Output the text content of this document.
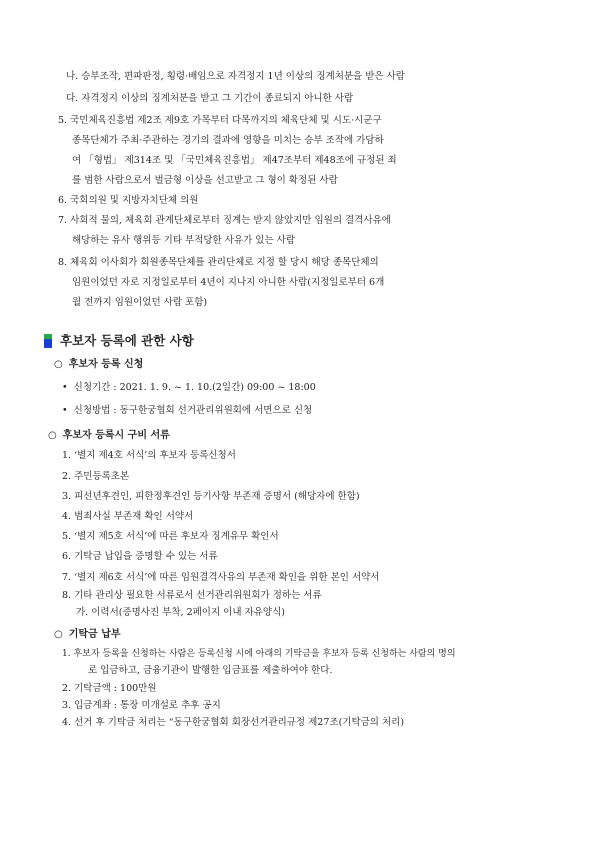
나. 승부조작, 편파판정, 횡령·배임으로 자격정지 1년 이상의 징계처분을 받은 사람
다. 자격정지 이상의 징계처분을 받고 그 기간이 종료되지 아니한 사람
5. 국민체육진흥법 제2조 제9호 가목부터 다목까지의 체육단체 및 시도·시군구
종목단체가 주최·주관하는 경기의 결과에 영향을 미치는 승부 조작에 가담하
여 「형법」 제314조 및 「국민체육진흥법」 제47조부터 제48조에 규정된 죄
를 범한 사람으로서 벌금형 이상을 선고받고 그 형이 확정된 사람
6. 국회의원 및 지방자치단체 의원
7. 사회적 물의, 체육회 관계단체로부터 징계는 받지 않았지만 임원의 결격사유에
해당하는 유사 행위등 기타 부적당한 사유가 있는 사람
8. 체육회 이사회가 회원종목단체를 관리단체로 지정 할 당시 해당 종목단체의
임원이었던 자로 지정일로부터 4년이 지나지 아니한 사람(지정일로부터 6개
월 전까지 임원이었던 사람 포함)
후보자 등록에 관한 사항
○ 후보자 등록 신청
• 신청기간 : 2021. 1. 9. ~ 1. 10.(2일간) 09:00 ~ 18:00
• 신청방법 : 동구한궁협회 선거관리위원회에 서면으로 신청
○ 후보자 등록시 구비 서류
1. ‘별지 제4호 서식’의 후보자 등록신청서
2. 주민등록초본
3. 피선년후견인, 피한정후견인 등기사항 부존재 증명서 (해당자에 한함)
4. 범죄사실 부존재 확인 서약서
5. ‘별지 제5호 서식’에 따른 후보자 징계유무 확인서
6. 기탁금 납입을 증명할 수 있는 서류
7. ‘별지 제6호 서식’에 따른 임원결격사유의 부존재 확인을 위한 본인 서약서
8. 기타 관리상 필요한 서류로서 선거관리위원회가 정하는 서류
가. 이력서(증명사진 부착, 2페이지 이내 자유양식)
○ 기탁금 납부
1. 후보자 등록을 신청하는 사람은 등록신청 시에 아래의 기탁금을 후보자 등록 신청하는 사람의 명의
로 입금하고, 금융기관이 발행한 입금표를 제출하여야 한다.
2. 기탁금액 : 100만원
3. 입금계좌 : 통장 미개설로 추후 공지
4. 선거 후 기탁금 처리는 “동구한궁협회 회장선거관리규정 제27조(기탁금의 처리)
